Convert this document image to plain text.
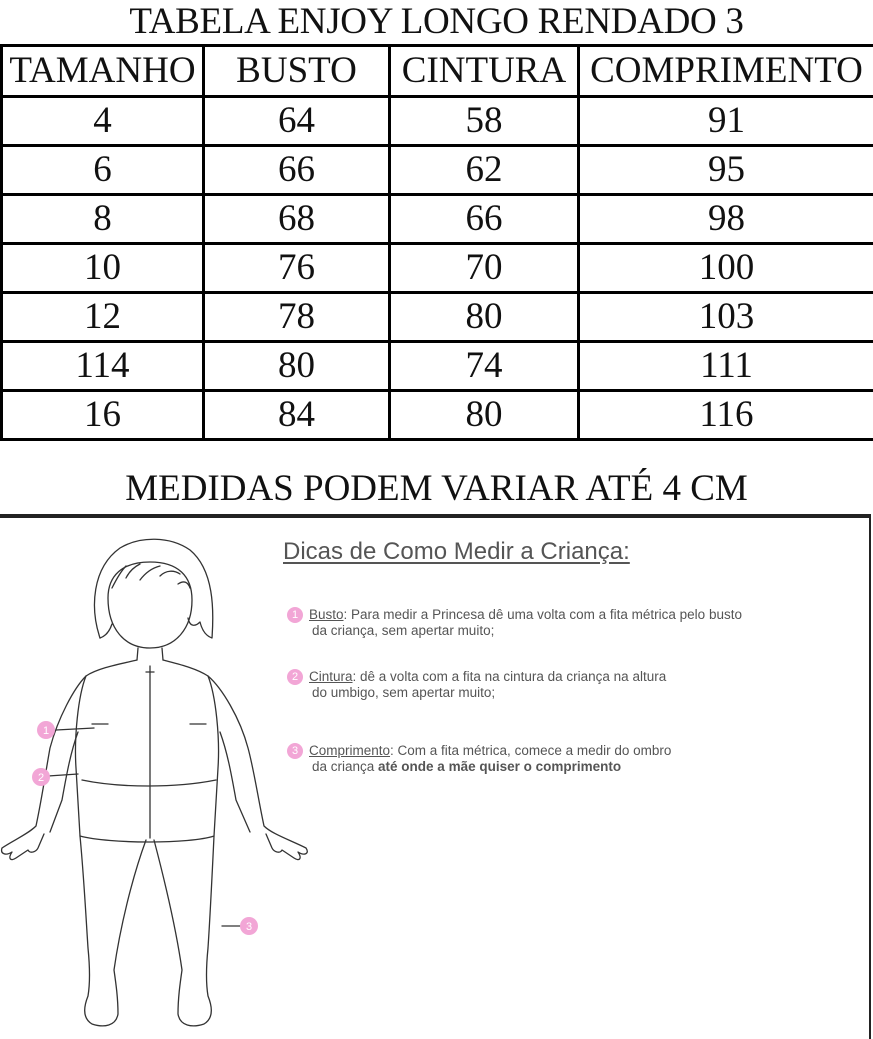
TABELA ENJOY LONGO RENDADO 3
TAMANHO	BUSTO	CINTURA	COMPRIMENTO
4	64	58	91
6	66	62	95
8	68	66	98
10	76	70	100
12	78	80	103
114	80	74	111
16	84	80	116
MEDIDAS PODEM VARIAR ATÉ 4 CM
1
2
3
Dicas de Como Medir a Criança:
1 Busto: Para medir a Princesa dê uma volta com a fita métrica pelo busto
da criança, sem apertar muito;
2 Cintura: dê a volta com a fita na cintura da criança na altura
do umbigo, sem apertar muito;
3 Comprimento: Com a fita métrica, comece a medir do ombro
da criança até onde a mãe quiser o comprimento
